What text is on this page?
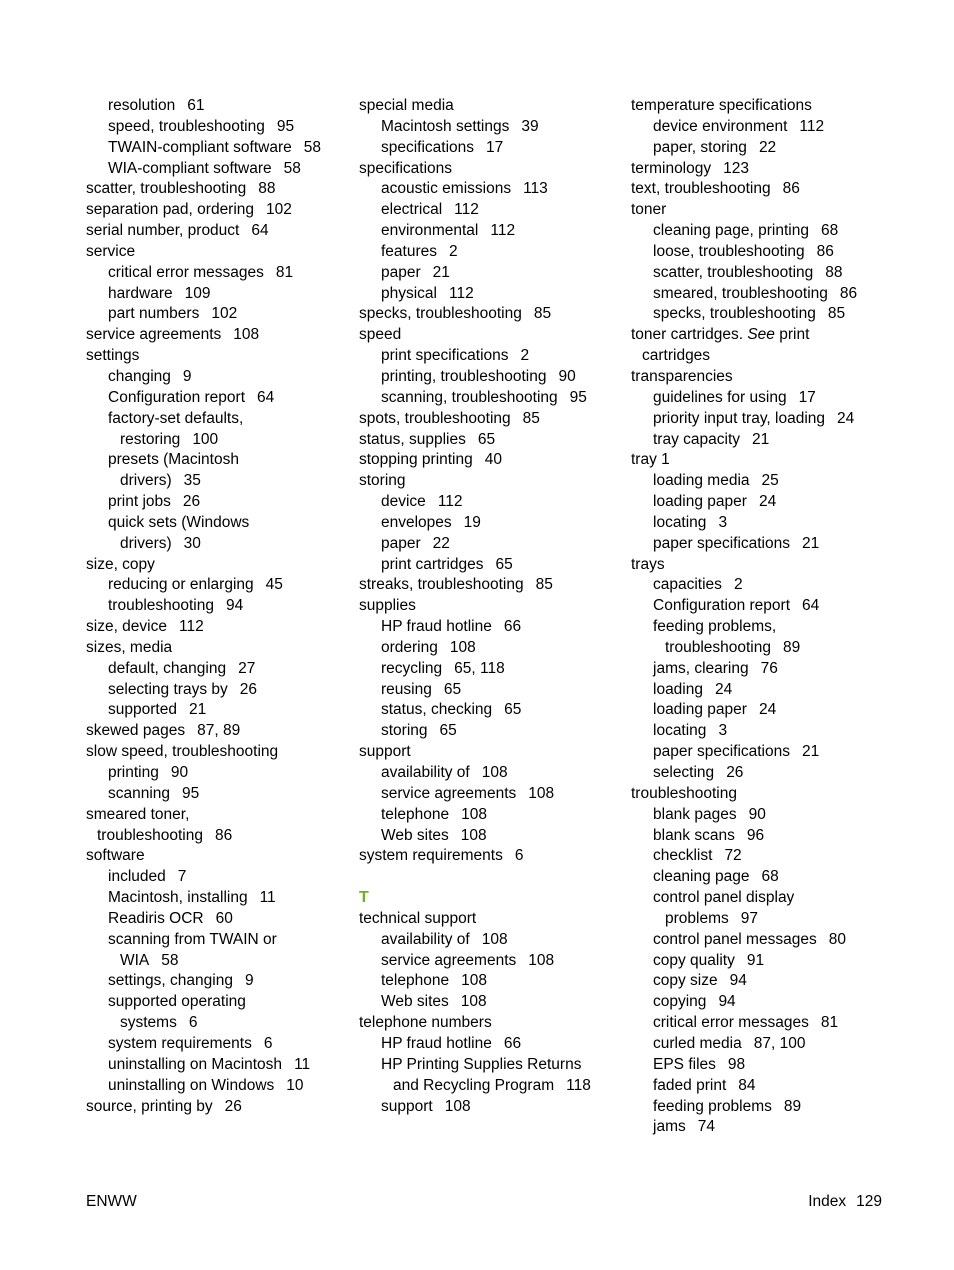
resolution 61
speed, troubleshooting 95
TWAIN-compliant software 58
WIA-compliant software 58
scatter, troubleshooting 88
separation pad, ordering 102
serial number, product 64
service
critical error messages 81
hardware 109
part numbers 102
service agreements 108
settings
changing 9
Configuration report 64
factory-set defaults,
restoring 100
presets (Macintosh
drivers) 35
print jobs 26
quick sets (Windows
drivers) 30
size, copy
reducing or enlarging 45
troubleshooting 94
size, device 112
sizes, media
default, changing 27
selecting trays by 26
supported 21
skewed pages 87, 89
slow speed, troubleshooting
printing 90
scanning 95
smeared toner,
troubleshooting 86
software
included 7
Macintosh, installing 11
Readiris OCR 60
scanning from TWAIN or
WIA 58
settings, changing 9
supported operating
systems 6
system requirements 6
uninstalling on Macintosh 11
uninstalling on Windows 10
source, printing by 26
special media
Macintosh settings 39
specifications 17
specifications
acoustic emissions 113
electrical 112
environmental 112
features 2
paper 21
physical 112
specks, troubleshooting 85
speed
print specifications 2
printing, troubleshooting 90
scanning, troubleshooting 95
spots, troubleshooting 85
status, supplies 65
stopping printing 40
storing
device 112
envelopes 19
paper 22
print cartridges 65
streaks, troubleshooting 85
supplies
HP fraud hotline 66
ordering 108
recycling 65, 118
reusing 65
status, checking 65
storing 65
support
availability of 108
service agreements 108
telephone 108
Web sites 108
system requirements 6
T
technical support
availability of 108
service agreements 108
telephone 108
Web sites 108
telephone numbers
HP fraud hotline 66
HP Printing Supplies Returns
and Recycling Program 118
support 108
temperature specifications
device environment 112
paper, storing 22
terminology 123
text, troubleshooting 86
toner
cleaning page, printing 68
loose, troubleshooting 86
scatter, troubleshooting 88
smeared, troubleshooting 86
specks, troubleshooting 85
toner cartridges. See print
cartridges
transparencies
guidelines for using 17
priority input tray, loading 24
tray capacity 21
tray 1
loading media 25
loading paper 24
locating 3
paper specifications 21
trays
capacities 2
Configuration report 64
feeding problems,
troubleshooting 89
jams, clearing 76
loading 24
loading paper 24
locating 3
paper specifications 21
selecting 26
troubleshooting
blank pages 90
blank scans 96
checklist 72
cleaning page 68
control panel display
problems 97
control panel messages 80
copy quality 91
copy size 94
copying 94
critical error messages 81
curled media 87, 100
EPS files 98
faded print 84
feeding problems 89
jams 74
ENWW	Index 129
